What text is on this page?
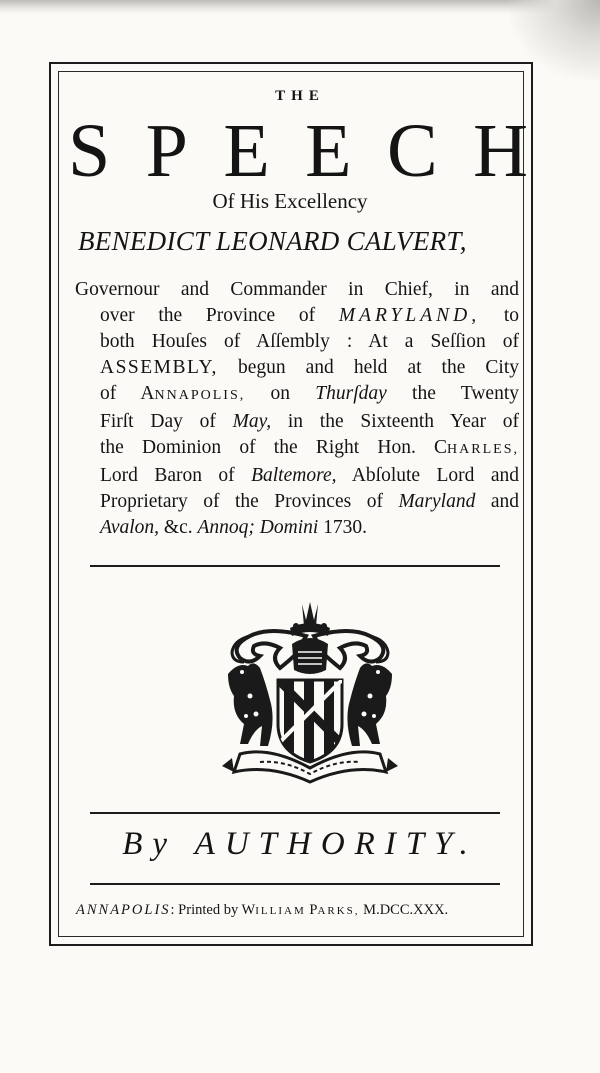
THE
S P E E C H
Of His Excellency
BENEDICT LEONARD CALVERT,
Governour and Commander in Chief, in and
over the Province of MARYLAND, to
both Houſes of Aſſembly : At a Seſſion of
ASSEMBLY, begun and held at the City
of ANNAPOLIS, on Thurſday the Twenty
Firſt Day of May, in the Sixteenth Year of
the Dominion of the Right Hon. CHARLES,
Lord Baron of Baltemore, Abſolute Lord and
Proprietary of the Provinces of Maryland and
Avalon, &c. Annoq; Domini 1730.
By AUTHORITY.
ANNAPOLIS: Printed by WILLIAM PARKS, M.DCC.XXX.
